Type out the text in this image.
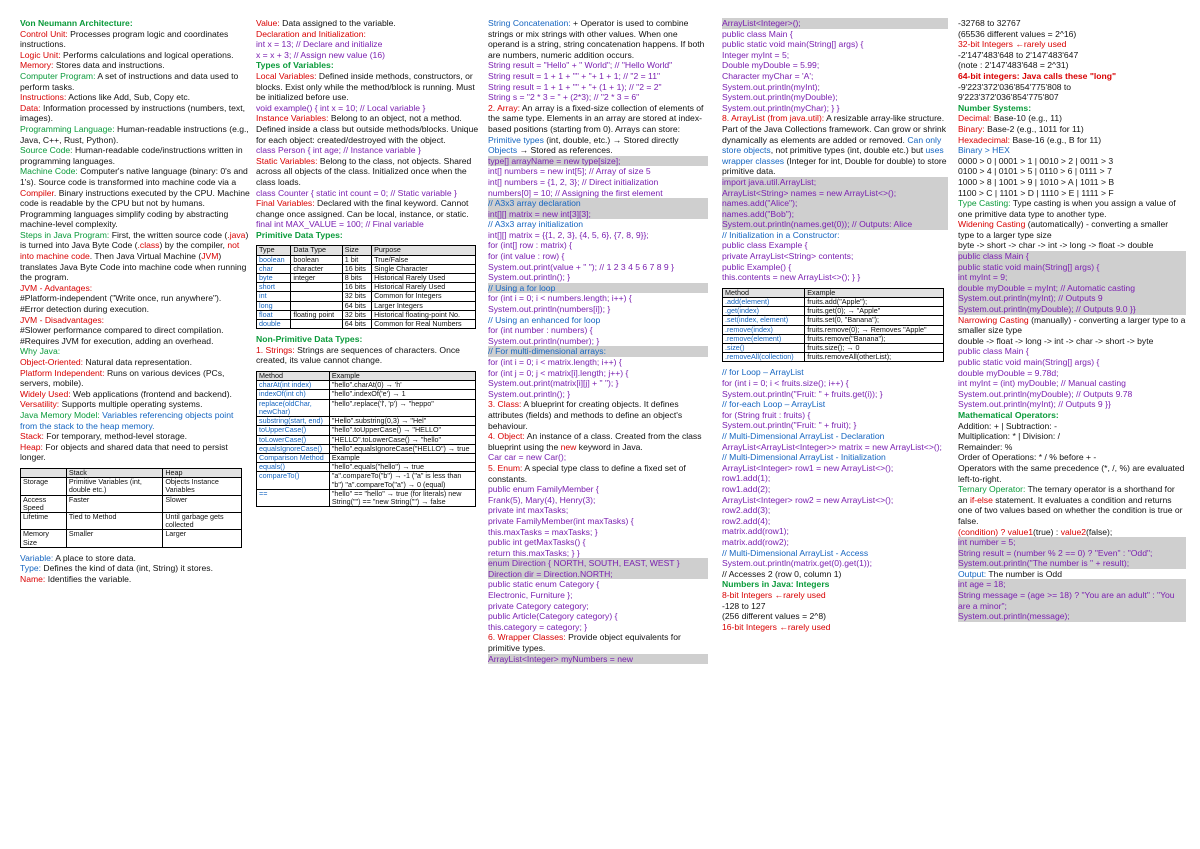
Von Neumann Architecture:

Control Unit: Processes program logic and coordinates instructions.

Logic Unit: Performs calculations and logical operations.

Memory: Stores data and instructions.

Computer Program: A set of instructions and data used to perform tasks.

Instructions: Actions like Add, Sub, Copy etc.

Data: Information processed by instructions (numbers, text, images).

Programming Language: Human-readable instructions (e.g., Java, C++, Rust, Python).

Source Code: Human-readable code/instructions written in programming languages.

Machine Code: Computer's native language (binary: 0's and 1's). Source code is transformed into machine code via a Compiler. Binary instructions executed by the CPU. Machine code is readable by the CPU but not by humans. Programming languages simplify coding by abstracting machine-level complexity.

Steps in Java Program: First, the written source code (.java) is turned into Java Byte Code (.class) by the compiler, not into machine code. Then Java Virtual Machine (JVM) translates Java Byte Code into machine code when running the program.

JVM - Advantages:

#Platform-independent ("Write once, run anywhere").

#Error detection during execution.

JVM - Disadvantages:

#Slower performance compared to direct compilation.

#Requires JVM for execution, adding an overhead.

Why Java:

Object-Oriented: Natural data representation.

Platform Independent: Runs on various devices (PCs, servers, mobile).

Widely Used: Web applications (frontend and backend).

Versatility: Supports multiple operating systems.

Java Memory Model: Variables referencing objects point from the stack to the heap memory.

Stack: For temporary, method-level storage.

Heap: For objects and shared data that need to persist longer.

	Stack	Heap
Storage	Primitive Variables (int, double etc.)	Objects Instance Variables
Access Speed	Faster	Slower
Lifetime	Tied to Method	Until garbage gets collected
Memory Size	Smaller	Larger

Variable: A place to store data.

Type: Defines the kind of data (int, String) it stores.

Name: Identifies the variable.

Value: Data assigned to the variable.

Declaration and Initialization:

int x = 13; // Declare and initialize

x = x + 3; // Assign new value (16)

Types of Variables:

Local Variables: Defined inside methods, constructors, or blocks. Exist only while the method/block is running. Must be initialized before use.

void example() { int x = 10; // Local variable }

Instance Variables: Belong to an object, not a method. Defined inside a class but outside methods/blocks. Unique for each object: created/destroyed with the object.

class Person { int age; // Instance variable }

Static Variables: Belong to the class, not objects. Shared across all objects of the class. Initialized once when the class loads.

class Counter { static int count = 0; // Static variable }

Final Variables: Declared with the final keyword. Cannot change once assigned. Can be local, instance, or static.

final int MAX_VALUE = 100; // Final variable

Primitive Data Types:

Type	Data Type	Size	Purpose
boolean	boolean	1 bit	True/False
char	character	16 bits	Single Character
byte	integer	8 bits	Historical Rarely Used
short		16 bits	Historical Rarely Used
int		32 bits	Common for Integers
long		64 bits	Larger Integers
float	floating point	32 bits	Historical floating-point No.
double		64 bits	Common for Real Numbers

Non-Primitive Data Types:

1. Strings: Strings are sequences of characters. Once created, its value cannot change.

Method	Example
charAt(int index)	"hello".charAt(0) → 'h'
indexOf(int ch)	"hello".indexOf('e') → 1
replace(oldChar, newChar)	"hello".replace('l', 'p') → "heppo"
substring(start, end)	"Hello".substring(0,3) → "Hel"
toUpperCase()	"hello".toUpperCase() → "HELLO"
toLowerCase()	"HELLO".toLowerCase() → "hello"
equalsIgnoreCase()	"hello".equalsIgnoreCase("HELLO") → true
Comparison Method	Example
equals()	"hello".equals("hello") → true
compareTo()	"a".compareTo("b") → -1 ("a" is less than "b") "a".compareTo("a") → 0 (equal)
==	"hello" == "hello" → true (for literals) new String("") == "new String("") → false

String Concatenation: + Operator is used to combine strings or mix strings with other values. When one operand is a string, string concatenation happens. If both are numbers, numeric addition occurs.

String result = "Hello" + " World"; // "Hello World"

String result = 1 + 1 + "" + "+ 1 + 1; // "2 = 11"

String result = 1 + 1 + "" + "+ (1 + 1); // "2 = 2"

String s = "2 * 3 = " + (2*3); // "2 * 3 = 6"

2. Array: An array is a fixed-size collection of elements of the same type. Elements in an array are stored at index-based positions (starting from 0). Arrays can store:

Primitive types (int, double, etc.) → Stored directly

Objects → Stored as references.

type[] arrayName = new type[size];

int[] numbers = new int[5]; // Array of size 5

int[] numbers = {1, 2, 3}; // Direct initialization

numbers[0] = 10; // Assigning the first element

// A3x3 array declaration

int[][] matrix = new int[3][3];

// A3x3 array initialization

int[][] matrix = {{1, 2, 3}, {4, 5, 6}, {7, 8, 9}};

for (int[] row : matrix) {

for (int value : row) {

System.out.print(value + " "); // 1 2 3 4 5 6 7 8 9 }

System.out.println(); }

// Using a for loop

for (int i = 0; i < numbers.length; i++) {

System.out.println(numbers[i]); }

// Using an enhanced for loop

for (int number : numbers) {

System.out.println(number); }

// For multi-dimensional arrays:

for (int i = 0; i < matrix.length; i++) {

for (int j = 0; j < matrix[i].length; j++) {

System.out.print(matrix[i][j] + " "); }

System.out.println(); }

3. Class: A blueprint for creating objects. It defines attributes (fields) and methods to define an object's behaviour.

4. Object: An instance of a class. Created from the class blueprint using the new keyword in Java.

Car car = new Car();

5. Enum: A special type class to define a fixed set of constants.

public enum FamilyMember {

Frank(5), Mary(4), Henry(3);

private int maxTasks;

private FamilyMember(int maxTasks) {

this.maxTasks = maxTasks; }

public int getMaxTasks() {

return this.maxTasks; } }

enum Direction { NORTH, SOUTH, EAST, WEST }

Direction dir = Direction.NORTH;

public static enum Category {

Electronic, Furniture };

private Category category;

public Article(Category category) {

this.category = category; }

6. Wrapper Classes: Provide object equivalents for primitive types.

ArrayList<Integer> myNumbers = new

ArrayList<Integer>();

public class Main {

public static void main(String[] args) {

Integer myInt = 5;

Double myDouble = 5.99;

Character myChar = 'A';

System.out.println(myInt);

System.out.println(myDouble);

System.out.println(myChar); } }

8. ArrayList (from java.util): A resizable array-like structure. Part of the Java Collections framework. Can grow or shrink dynamically as elements are added or removed. Can only store objects, not primitive types (int, double etc.) but uses wrapper classes (Integer for int, Double for double) to store primitive data.

import java.util.ArrayList;

ArrayList<String> names = new ArrayList<>();

names.add("Alice");

names.add("Bob");

System.out.println(names.get(0)); // Outputs: Alice

// Initialization in a Constructor:

public class Example {

private ArrayList<String> contents;

public Example() {

this.contents = new ArrayList<>(); } }

Method	Example
.add(element)	fruits.add("Apple");
.get(index)	fruits.get(0); → "Apple"
.set(index, element)	fruits.set(0, "Banana");
.remove(index)	fruits.remove(0); → Removes "Apple"
.remove(element)	fruits.remove("Banana");
.size()	fruits.size(); → 0
.removeAll(collection)	fruits.removeAll(otherList);

// for Loop – ArrayList

for (int i = 0; i < fruits.size(); i++) {

System.out.println("Fruit: " + fruits.get(i)); }

// for-each Loop – ArrayList

for (String fruit : fruits) {

System.out.println("Fruit: " + fruit); }

// Multi-Dimensional ArrayList - Declaration

ArrayList<ArrayList<Integer>> matrix = new ArrayList<>();

// Multi-Dimensional ArrayList - Initialization

ArrayList<Integer> row1 = new ArrayList<>();

row1.add(1);

row1.add(2);

ArrayList<Integer> row2 = new ArrayList<>();

row2.add(3);

row2.add(4);

matrix.add(row1);

matrix.add(row2);

// Multi-Dimensional ArrayList - Access

System.out.println(matrix.get(0).get(1));

// Accesses 2 (row 0, column 1)

Numbers in Java: Integers

8-bit Integers ←rarely used

-128 to 127

(256 different values = 2^8)

16-bit Integers ←rarely used

-32768 to 32767

(65536 different values = 2^16)

32-bit Integers ←rarely used

-2'147'483'648 to 2'147'483'647

(note : 2'147'483'648 = 2^31)

64-bit integers: Java calls these "long"

-9'223'372'036'854'775'808 to

9'223'372'036'854'775'807

Number Systems:

Decimal: Base-10 (e.g., 11)

Binary: Base-2 (e.g., 1011 for 11)

Hexadecimal: Base-16 (e.g., B for 11)

Binary > HEX

0000 > 0 | 0001 > 1 | 0010 > 2 | 0011 > 3

0100 > 4 | 0101 > 5 | 0110 > 6 | 0111 > 7

1000 > 8 | 1001 > 9 | 1010 > A | 1011 > B

1100 > C | 1101 > D | 1110 > E | 1111 > F

Type Casting: Type casting is when you assign a value of one primitive data type to another type.

Widening Casting (automatically) - converting a smaller type to a larger type size

byte -> short -> char -> int -> long -> float -> double

public class Main {

public static void main(String[] args) {

int myInt = 9;

double myDouble = myInt; // Automatic casting

System.out.println(myInt); // Outputs 9

System.out.println(myDouble); // Outputs 9.0 }}

Narrowing Casting (manually) - converting a larger type to a smaller size type

double -> float -> long -> int -> char -> short -> byte

public class Main {

public static void main(String[] args) {

double myDouble = 9.78d;

int myInt = (int) myDouble; // Manual casting

System.out.println(myDouble); // Outputs 9.78

System.out.println(myInt); // Outputs 9 }}

Mathematical Operators:

Addition: + | Subtraction: -

Multiplication: * | Division: /

Remainder: %

Order of Operations: * / % before + -

Operators with the same precedence (*, /, %) are evaluated left-to-right.

Ternary Operator: The ternary operator is a shorthand for an if-else statement. It evaluates a condition and returns one of two values based on whether the condition is true or false.

(condition) ? value1(true) : value2(false);

int number = 5;

String result = (number % 2 == 0) ? "Even" : "Odd"; System.out.println("The number is " + result);

Output: The number is Odd

int age = 18;

String message = (age >= 18) ? "You are an adult" : "You are a minor";

System.out.println(message);
